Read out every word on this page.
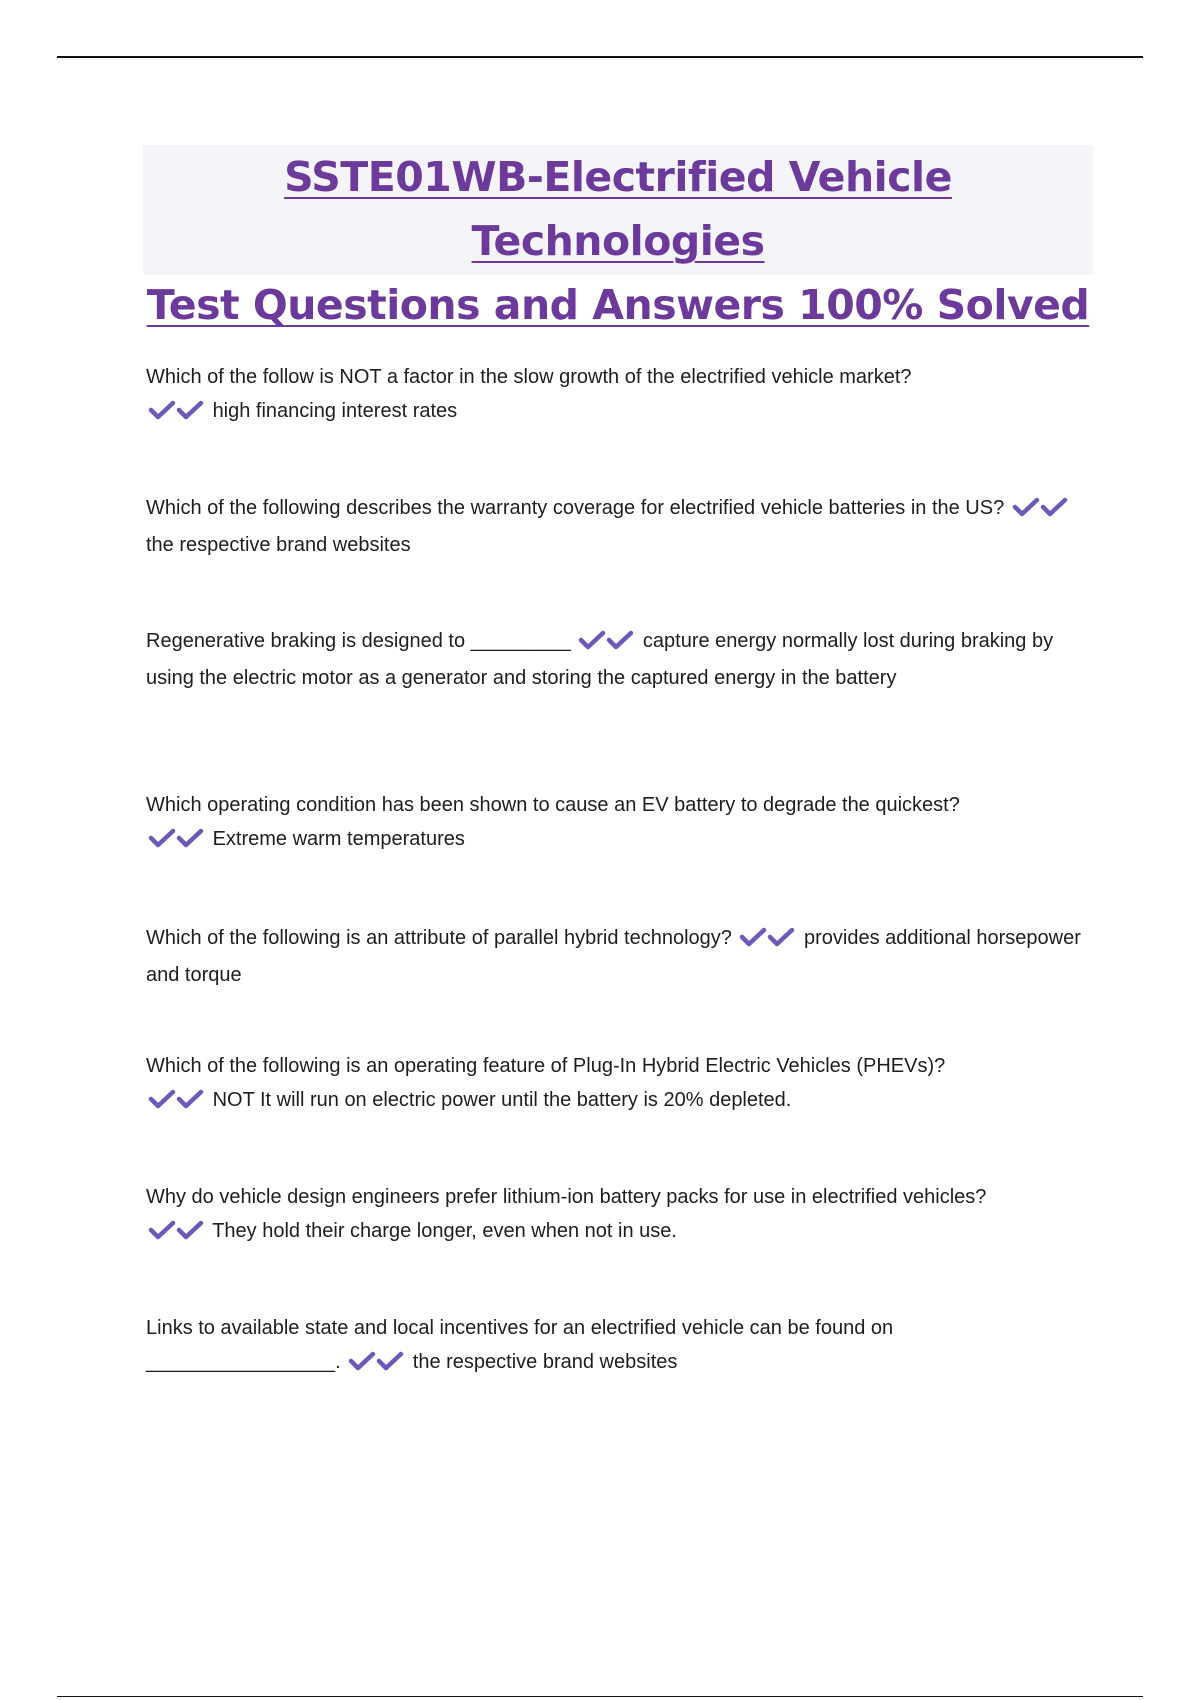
SSTE01WB-Electrified Vehicle Technologies
Test Questions and Answers 100% Solved
Which of the follow is NOT a factor in the slow growth of the electrified vehicle market?
high financing interest rates
Which of the following describes the warranty coverage for electrified vehicle batteries in the US?
the respective brand websites
Regenerative braking is designed to _________	capture energy normally lost during braking by using the electric motor as a generator and storing the captured energy in the battery
Which operating condition has been shown to cause an EV battery to degrade the quickest?
Extreme warm temperatures
Which of the following is an attribute of parallel hybrid technology?	provides additional horsepower and torque
Which of the following is an operating feature of Plug-In Hybrid Electric Vehicles (PHEVs)?
NOT It will run on electric power until the battery is 20% depleted.
Why do vehicle design engineers prefer lithium-ion battery packs for use in electrified vehicles?
They hold their charge longer, even when not in use.
Links to available state and local incentives for an electrified vehicle can be found on _________________.	the respective brand websites
